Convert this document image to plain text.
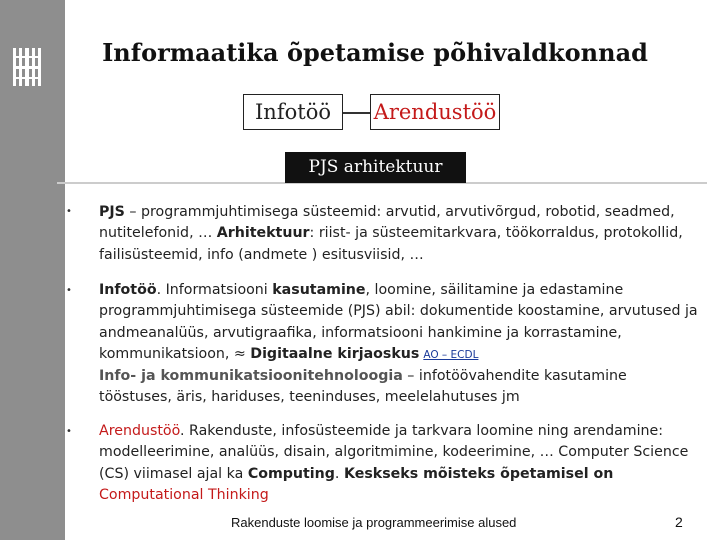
Informaatika õpetamise põhivaldkonnad
Infotöö	Arendustöö
PJS arhitektuur
• PJS – programmjuhtimisega süsteemid: arvutid, arvutivõrgud, robotid, seadmed, nutitelefonid, … Arhitektuur: riist- ja süsteemitarkvara, töökorraldus, protokollid, failisüsteemid, info (andmete ) esitusviisid, …
• Infotöö. Informatsiooni kasutamine, loomine, säilitamine ja edastamine programmjuhtimisega süsteemide (PJS) abil: dokumentide koostamine, arvutused ja andmeanalüüs, arvutigraafika, informatsiooni hankimine ja korrastamine, kommunikatsioon, ≈ Digitaalne kirjaoskus AO – ECDL
Info- ja kommunikatsioonitehnoloogia – infotöövahendite kasutamine tööstuses, äris, hariduses, teeninduses, meelelahutuses jm
• Arendustöö. Rakenduste, infosüsteemide ja tarkvara loomine ning arendamine: modelleerimine, analüüs, disain, algoritmimine, kodeerimine, … Computer Science (CS) viimasel ajal ka Computing. Keskseks mõisteks õpetamisel on Computational Thinking
Rakenduste loomise ja programmeerimise alused	2
